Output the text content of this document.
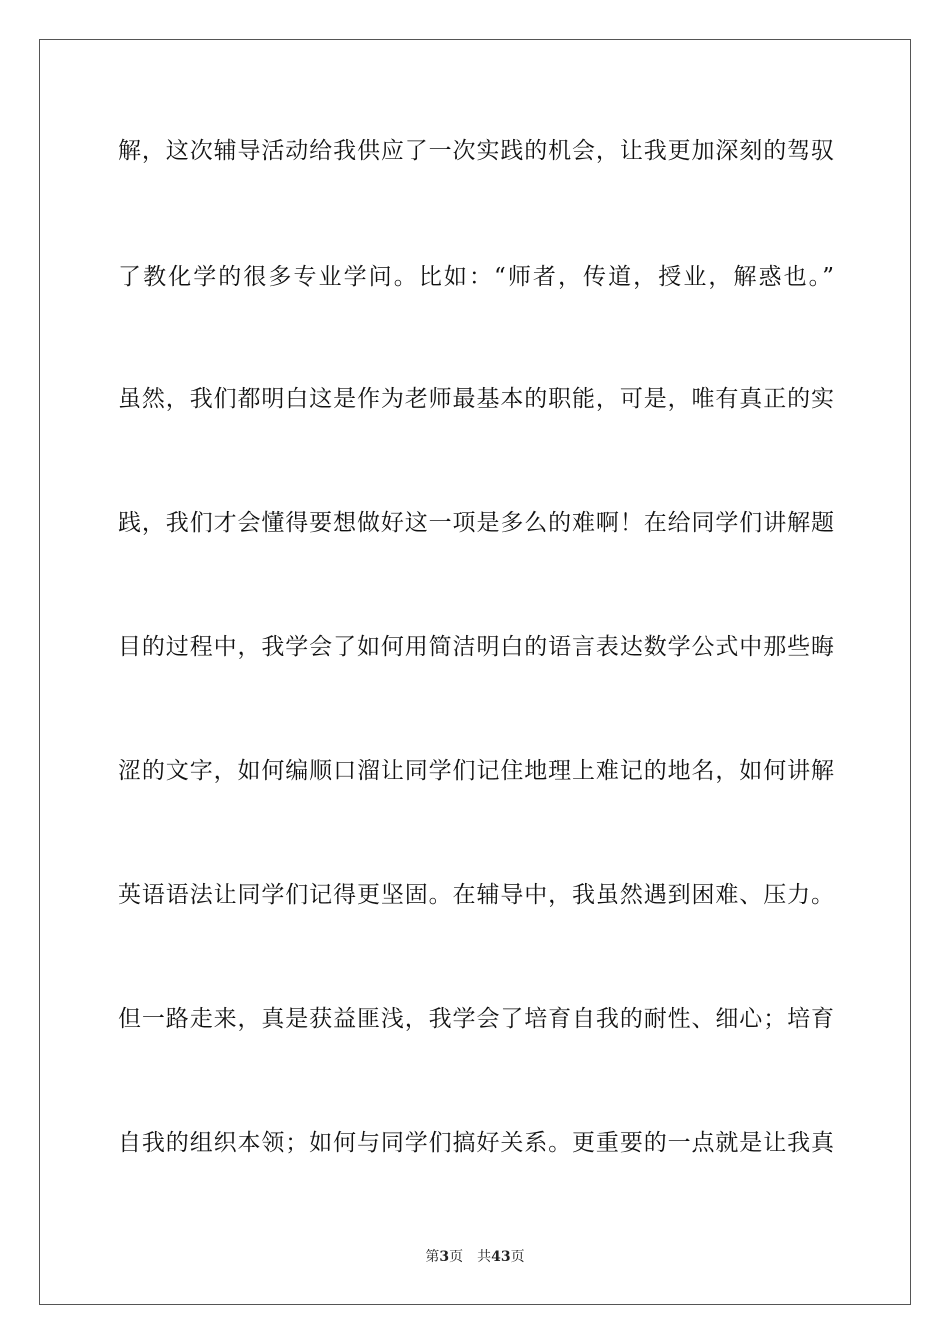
解，这次辅导活动给我供应了一次实践的机会，让我更加深刻的驾驭
了教化学的很多专业学问。比如：“师者，传道，授业，解惑也。”
虽然，我们都明白这是作为老师最基本的职能，可是，唯有真正的实
践，我们才会懂得要想做好这一项是多么的难啊！在给同学们讲解题
目的过程中，我学会了如何用简洁明白的语言表达数学公式中那些晦
涩的文字，如何编顺口溜让同学们记住地理上难记的地名，如何讲解
英语语法让同学们记得更坚固。在辅导中，我虽然遇到困难、压力。
但一路走来，真是获益匪浅，我学会了培育自我的耐性、细心；培育
自我的组织本领；如何与同学们搞好关系。更重要的一点就是让我真
第3页 共43页
